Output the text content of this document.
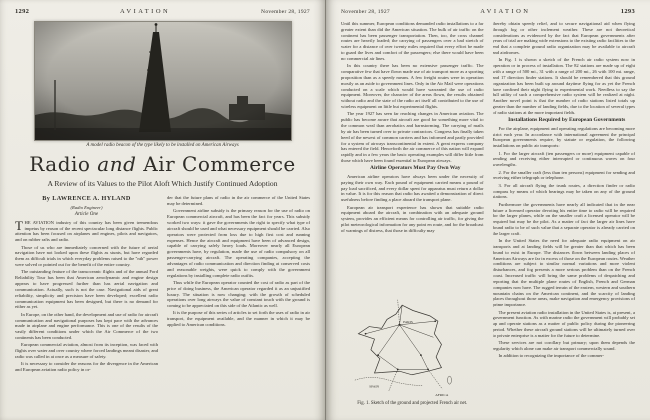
1292	AVIATION	November 28, 1927
A model radio beacon of the type likely to be installed on American Airways
Radio and Air Commerce
A Review of its Values to the Pilot Aloft Which Justify Continued Adoption

By LAWRENCE A. HYLAND

(Radio Engineer)

Article One

THE AVIATION industry of this country has been given tremendous impetus by reason of the recent spectacular long distance flights. Public attention has been focused on airplanes and engines, pilots and navigators, and on rubber rafts and radio.

Those of us who are immediately concerned with the future of aerial navigation have not looked upon these flights as stunts, but have regarded them as difficult trials in which everyday problems raised to the "nth" power were solved or pointed out for the benefit of the entire country.

The outstanding feature of the transoceanic flights and of the annual Ford Reliability Tour has been that American aerodynamic and engine design appears to have progressed further than has aerial navigation and communication. Actually, such is not the case. Navigational aids of great reliability, simplicity and precision have been developed; excellent radio communication equipment has been designed, but there is no demand for either as yet.

In Europe, on the other hand, the development and use of radio for aircraft communication and navigational purposes has kept pace with the advances made in airplane and engine performance. This is one of the results of the vastly different conditions under which the Air Commerce of the two continents has been conducted.

European commercial aviation, almost from its inception, was faced with flights over water and over country where forced landings meant disaster, and radio was called in at once as a measure of safety.

It is necessary to consider the reasons for the divergence in the American and European aviation radio policy in or-

der that the future plans of radio in the air commerce of the United States may be determined.

Government airline subsidy is the primary reason for the use of radio on European commercial aircraft, and has been the fact for years. This subsidy worked two ways: it gave the governments the right to specify what type of aircraft should be used and what necessary equipment should be carried. Also operators were protected from loss due to high first cost and running expenses. Hence the aircraft and equipment have been of advanced design, capable of carrying safely heavy loads. Moreover nearly all European governments have, by regulation, made the use of radio compulsory on all passenger-carrying aircraft. The operating companies, accepting the advantages of radio communication and direction finding at conserved costs and reasonable weights, were quick to comply with the government regulations by installing complete radio outfits.

Thus while the European operator counted the cost of radio as part of the price of doing business, the American operator regarded it as an unjustified luxury. The situation is now changing; with the growth of scheduled operations over long airways the value of constant touch with the ground is coming to be appreciated on this side of the Atlantic as well.

It is the purpose of this series of articles to set forth the uses of radio in air transport, the equipment available, and the manner in which it may be applied to American conditions.

November 28, 1927	AVIATION	1293

Until this summer, European conditions demanded radio installations to a far greater extent than did the American situation. The bulk of air traffic on the continent has been passenger transportation. Then, too, the cross channel routes are heavily loaded; the carrying of passengers over a bad stretch of water for a distance of over twenty miles required that every effort be made to guard the lives and comfort of the passengers; else there would have been no commercial air lines.

In this country there has been no extensive passenger traffic. The comparative few that have flown made use of air transport more as a sporting proposition than as a speedy means. A few freight routes were in operation mostly as an aside to government lines. Only in the Air Mail were operations conducted on a scale which would have warranted the use of radio equipment. Moreover, the character of the areas flown, the results obtained without radio and the state of the radio art itself all contributed to the use of wireless equipment on little but experimental flights.

The year 1927 has seen far reaching changes in American aviation. The public has become aware that aircraft are good for something more vital to the common weal than aerobatics and barnstorming. The carrying of mails by air has been turned over to private contractors. Congress has finally taken heed of the newest of common carriers and has informed and partly provided for a system of airways transcontinental in extent. A great express company has entered the field. Henceforth the air commerce of this nation will expand rapidly and in a few years the basic operating examples will differ little from those which have been found essential to European airways.

Airline Operators Must Pay Own Way

American airline operators have always been under the necessity of paying their own way. Each pound of equipment carried means a pound of pay load sacrificed, and every dollar spent for apparatus must return a dollar in value. It is for this reason that radio has awaited a demonstration of direct usefulness before finding a place aboard the transport plane.

European air transport experience has shown that suitable radio equipment aboard the aircraft, in combination with an adequate ground system, provides an efficient means for controlling air traffic, for giving the pilot meteorological information for any point en route, and for the broadcast of warnings of distress, that those in difficulty may

PARIS
SPAIN
AFRICA
Fig. 1. Sketch of the ground and projected French air net.

thereby obtain speedy relief, and to secure navigational aid when flying through fog or other inclement weather. These are not theoretical considerations as evidenced by the fact that European governments after years of trial are making wide extensions to the existing radio facilities to the end that a complete ground radio organization may be available to aircraft and airdromes.

In Fig. 1 is shown a sketch of the French air radio system now in operation or in process of installation. The 82 stations are made up of eight with a range of 500 mi., 31 with a range of 200 mi., 26 with 100 mi. range, and 17 direction finder stations. It should be remembered that this ground organization has been built up around daytime flying for as yet the French have confined their night flying to experimental work. Needless to say the full utility of such a comprehensive radio system will be realized at night. Another novel point is that the number of radio stations listed totals up greater than the number of landing fields, due to the location of several types of radio stations at the more important fields.

Installations Required by European Governments

For the airplane, equipment and operating regulations are becoming more strict each year. In accordance with international agreement the principal European governments require, by statute or regulation, the following installations on public air transports:

1. For the larger aircraft (ten passengers or more) equipment capable of sending and receiving either interrupted or continuous waves on four wavelengths.

2. For the smaller craft (less than ten persons) equipment for sending and receiving either telegraph or telephone.

3. For all aircraft flying the trunk routes, a direction finder or radio compass by means of which bearings may be taken on any of the ground stations.

Furthermore the governments have nearly all indicated that in the near future a licensed operator devoting his entire time to radio will be required for the larger planes, while on the smaller craft a licensed operator will be required but may be the pilot. As a matter of fact the larger air lines have found radio to be of such value that a separate operator is already carried on the larger craft.

In the United States the need for adequate radio equipment on air transports and at landing fields will be greater than that which has been found to exist in Europe. The distances flown between landing places of American Airways are far in excess of those on the European routes. Weather conditions are subject to similar normal variations and more violent disturbances, and fog presents a more serious problem than on the French coast. Increased traffic will bring the same problems of despatching and reporting that the multiple plane routes of English, French and German companies now have. The rugged terrain of the eastern, western and southern mountain chains on the American continent, and the scarcity of landing places throughout those areas, make navigation and emergency provisions of prime importance.

The present aviation radio installation in the United States is, at present, a government function. As with marine radio the government will probably set up and operate stations as a matter of public policy during the pioneering period. Whether these aircraft ground stations will be ultimately turned over to private enterprise is a matter for the future to determine.

These services are not corollary but primary; upon them depends the regularity which alone can make air transport commercially sound.

In addition to recognizing the importance of the commer-
